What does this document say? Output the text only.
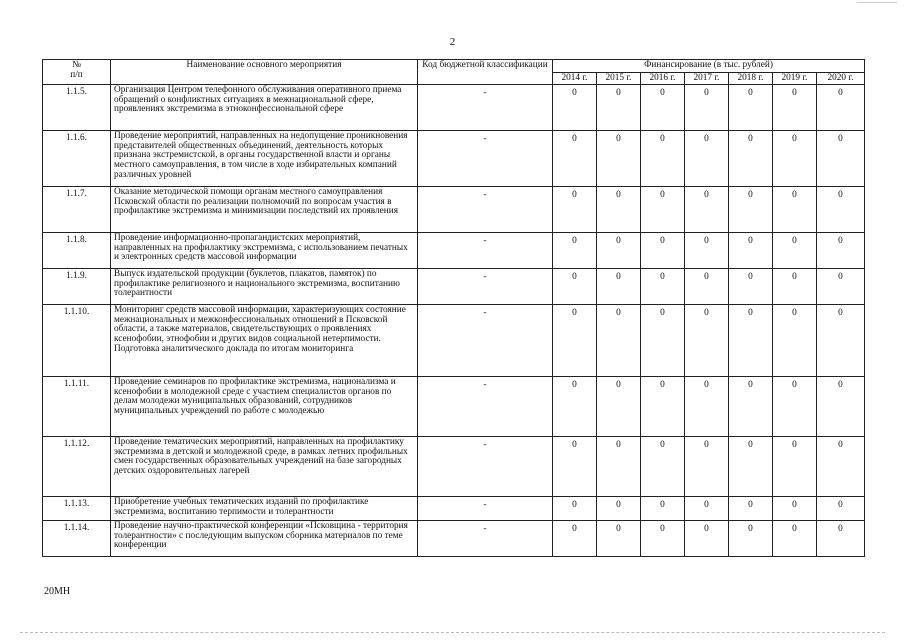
2
№
п/п	Наименование основного мероприятия	Код бюджетной классификации	Финансирование (в тыс. рублей)						
			2014 г.	2015 г.	2016 г.	2017 г.	2018 г.	2019 г.	2020 г.
1.1.5.	Организация Центром телефонного обслуживания оперативного приема обращений о конфликтных ситуациях в межнациональной сфере, проявлениях экстремизма в этноконфессиональной сфере	-	0	0	0	0	0	0	0
1.1.6.	Проведение мероприятий, направленных на недопущение проникновения представителей общественных объединений, деятельность которых признана экстремистской, в органы государственной власти и органы местного самоуправления, в том числе в ходе избирательных компаний различных уровней	-	0	0	0	0	0	0	0
1.1.7.	Оказание методической помощи органам местного самоуправления Псковской области по реализации полномочий по вопросам участия в профилактике экстремизма и минимизации последствий их проявления	-	0	0	0	0	0	0	0
1.1.8.	Проведение информационно-пропагандистских мероприятий, направленных на профилактику экстремизма, с использованием печатных и электронных средств массовой информации	-	0	0	0	0	0	0	0
1.1.9.	Выпуск издательской продукции (буклетов, плакатов, памяток) по профилактике религиозного и национального экстремизма, воспитанию толерантности	-	0	0	0	0	0	0	0
1.1.10.	Мониторинг средств массовой информации, характеризующих состояние межнациональных и межконфессиональных отношений в Псковской области, а также материалов, свидетельствующих о проявлениях ксенофобии, этнофобии и других видов социальной нетерпимости. Подготовка аналитического доклада по итогам мониторинга	-	0	0	0	0	0	0	0
1.1.11.	Проведение семинаров по профилактике экстремизма, национализма и ксенофобии в молодежной среде с участием специалистов органов по делам молодежи муниципальных образований, сотрудников муниципальных учреждений по работе с молодежью	-	0	0	0	0	0	0	0
1.1.12.	Проведение тематических мероприятий, направленных на профилактику экстремизма в детской и молодежной среде, в рамках летних профильных смен государственных образовательных учреждений на базе загородных детских оздоровительных лагерей	-	0	0	0	0	0	0	0
1.1.13.	Приобретение учебных тематических изданий по профилактике экстремизма, воспитанию терпимости и толерантности	-	0	0	0	0	0	0	0
1.1.14.	Проведение научно-практической конференции «Псковщина - территория толерантности» с последующим выпуском сборника материалов по теме конференции	-	0	0	0	0	0	0	0
20МН
